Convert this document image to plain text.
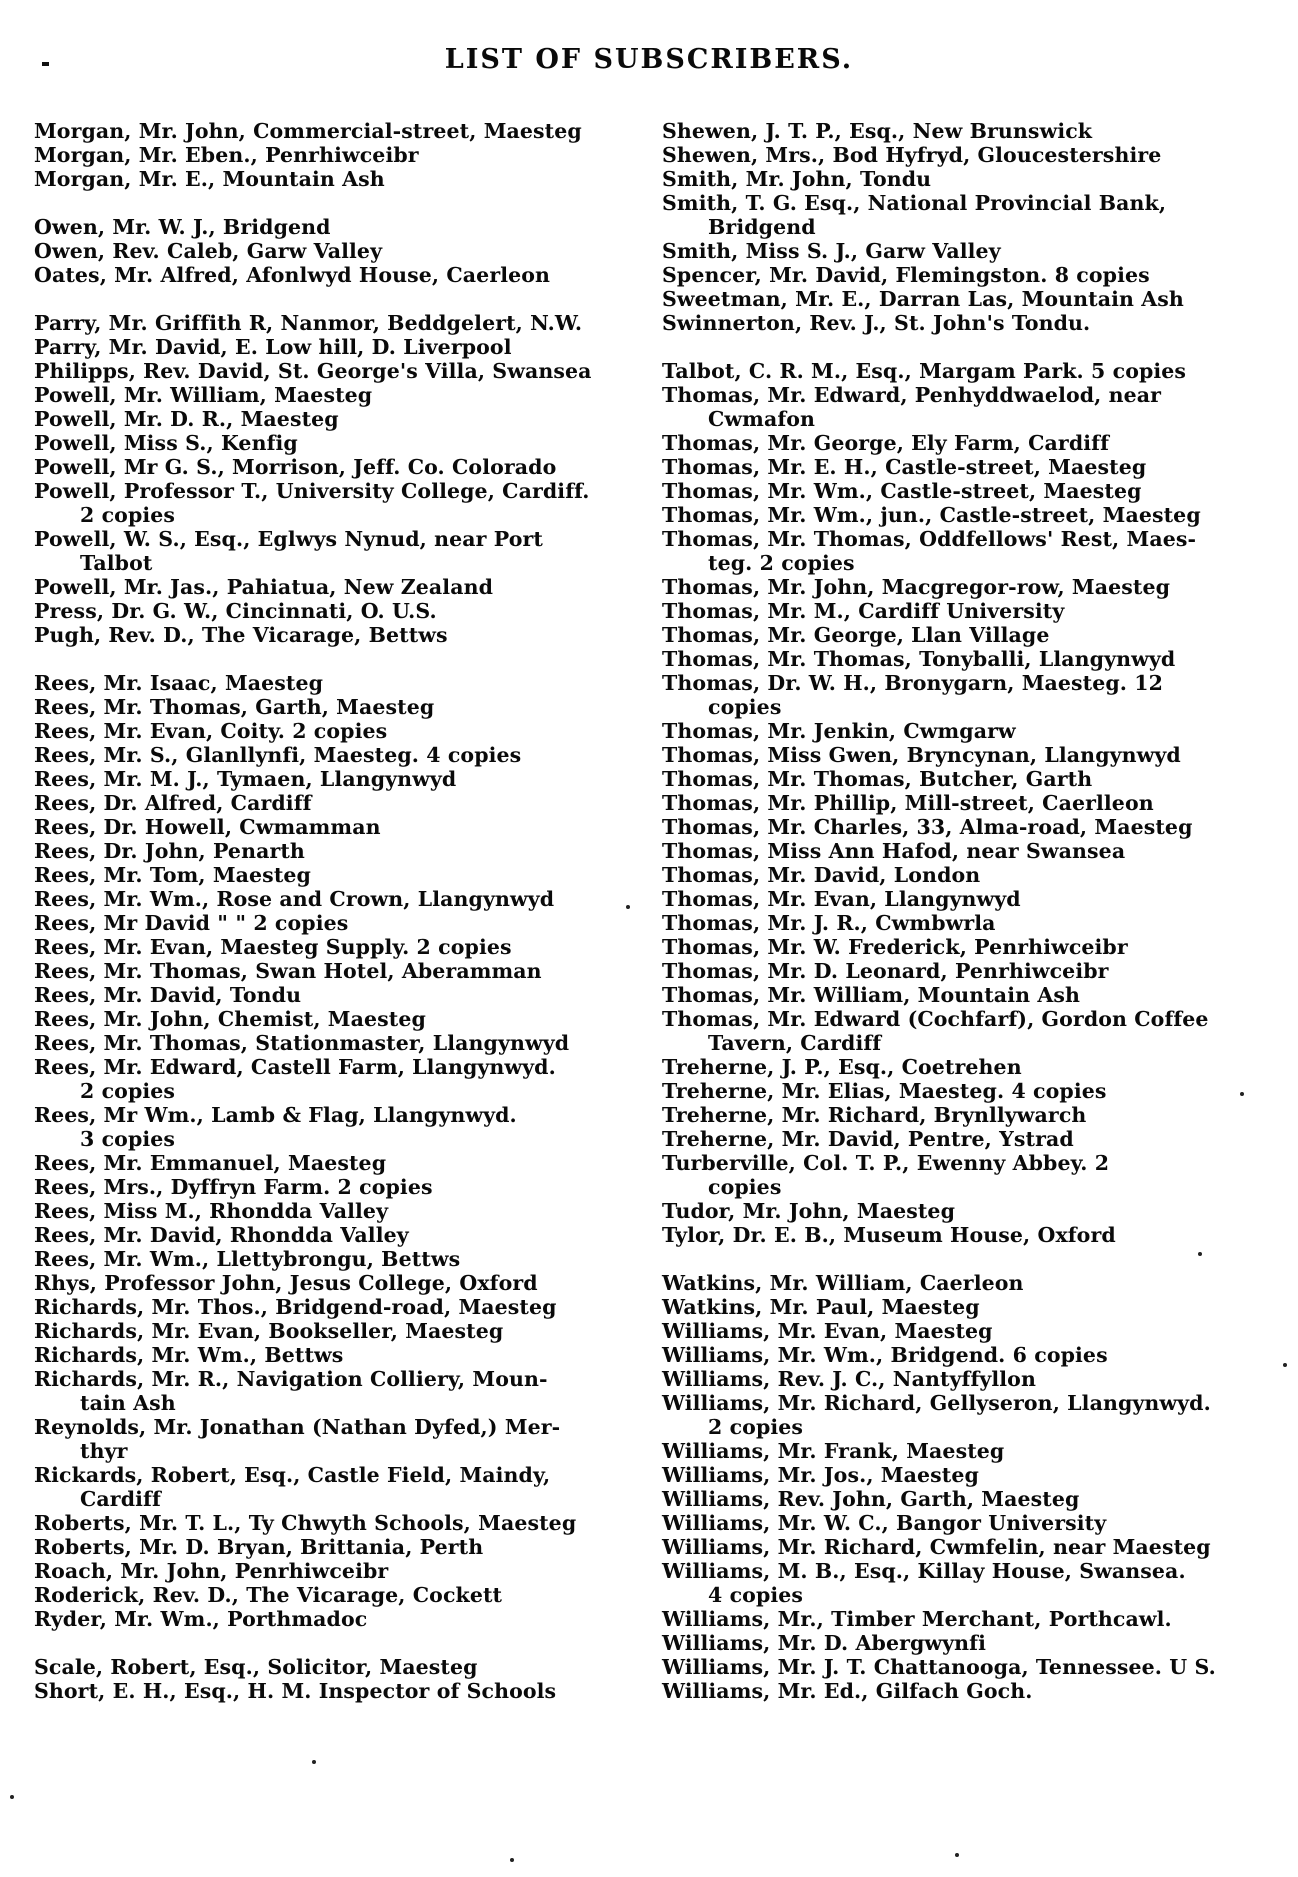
LIST OF SUBSCRIBERS.
Morgan, Mr. John, Commercial-street, Maesteg
Morgan, Mr. Eben., Penrhiwceibr
Morgan, Mr. E., Mountain Ash
Owen, Mr. W. J., Bridgend
Owen, Rev. Caleb, Garw Valley
Oates, Mr. Alfred, Afonlwyd House, Caerleon
Parry, Mr. Griffith R, Nanmor, Beddgelert, N.W.
Parry, Mr. David, E. Low hill, D. Liverpool
Philipps, Rev. David, St. George's Villa, Swansea
Powell, Mr. William, Maesteg
Powell, Mr. D. R., Maesteg
Powell, Miss S., Kenfig
Powell, Mr G. S., Morrison, Jeff. Co. Colorado
Powell, Professor T., University College, Cardiff.
2 copies
Powell, W. S., Esq., Eglwys Nynud, near Port
Talbot
Powell, Mr. Jas., Pahiatua, New Zealand
Press, Dr. G. W., Cincinnati, O. U.S.
Pugh, Rev. D., The Vicarage, Bettws
Rees, Mr. Isaac, Maesteg
Rees, Mr. Thomas, Garth, Maesteg
Rees, Mr. Evan, Coity. 2 copies
Rees, Mr. S., Glanllynfi, Maesteg. 4 copies
Rees, Mr. M. J., Tymaen, Llangynwyd
Rees, Dr. Alfred, Cardiff
Rees, Dr. Howell, Cwmamman
Rees, Dr. John, Penarth
Rees, Mr. Tom, Maesteg
Rees, Mr. Wm., Rose and Crown, Llangynwyd
Rees, Mr David " " 2 copies
Rees, Mr. Evan, Maesteg Supply. 2 copies
Rees, Mr. Thomas, Swan Hotel, Aberamman
Rees, Mr. David, Tondu
Rees, Mr. John, Chemist, Maesteg
Rees, Mr. Thomas, Stationmaster, Llangynwyd
Rees, Mr. Edward, Castell Farm, Llangynwyd.
2 copies
Rees, Mr Wm., Lamb & Flag, Llangynwyd.
3 copies
Rees, Mr. Emmanuel, Maesteg
Rees, Mrs., Dyffryn Farm. 2 copies
Rees, Miss M., Rhondda Valley
Rees, Mr. David, Rhondda Valley
Rees, Mr. Wm., Llettybrongu, Bettws
Rhys, Professor John, Jesus College, Oxford
Richards, Mr. Thos., Bridgend-road, Maesteg
Richards, Mr. Evan, Bookseller, Maesteg
Richards, Mr. Wm., Bettws
Richards, Mr. R., Navigation Colliery, Moun-
tain Ash
Reynolds, Mr. Jonathan (Nathan Dyfed,) Mer-
thyr
Rickards, Robert, Esq., Castle Field, Maindy,
Cardiff
Roberts, Mr. T. L., Ty Chwyth Schools, Maesteg
Roberts, Mr. D. Bryan, Brittania, Perth
Roach, Mr. John, Penrhiwceibr
Roderick, Rev. D., The Vicarage, Cockett
Ryder, Mr. Wm., Porthmadoc
Scale, Robert, Esq., Solicitor, Maesteg
Short, E. H., Esq., H. M. Inspector of Schools
Shewen, J. T. P., Esq., New Brunswick
Shewen, Mrs., Bod Hyfryd, Gloucestershire
Smith, Mr. John, Tondu
Smith, T. G. Esq., National Provincial Bank,
Bridgend
Smith, Miss S. J., Garw Valley
Spencer, Mr. David, Flemingston. 8 copies
Sweetman, Mr. E., Darran Las, Mountain Ash
Swinnerton, Rev. J., St. John's Tondu.
Talbot, C. R. M., Esq., Margam Park. 5 copies
Thomas, Mr. Edward, Penhyddwaelod, near
Cwmafon
Thomas, Mr. George, Ely Farm, Cardiff
Thomas, Mr. E. H., Castle-street, Maesteg
Thomas, Mr. Wm., Castle-street, Maesteg
Thomas, Mr. Wm., jun., Castle-street, Maesteg
Thomas, Mr. Thomas, Oddfellows' Rest, Maes-
teg. 2 copies
Thomas, Mr. John, Macgregor-row, Maesteg
Thomas, Mr. M., Cardiff University
Thomas, Mr. George, Llan Village
Thomas, Mr. Thomas, Tonyballi, Llangynwyd
Thomas, Dr. W. H., Bronygarn, Maesteg. 12
copies
Thomas, Mr. Jenkin, Cwmgarw
Thomas, Miss Gwen, Bryncynan, Llangynwyd
Thomas, Mr. Thomas, Butcher, Garth
Thomas, Mr. Phillip, Mill-street, Caerlleon
Thomas, Mr. Charles, 33, Alma-road, Maesteg
Thomas, Miss Ann Hafod, near Swansea
Thomas, Mr. David, London
Thomas, Mr. Evan, Llangynwyd
Thomas, Mr. J. R., Cwmbwrla
Thomas, Mr. W. Frederick, Penrhiwceibr
Thomas, Mr. D. Leonard, Penrhiwceibr
Thomas, Mr. William, Mountain Ash
Thomas, Mr. Edward (Cochfarf), Gordon Coffee
Tavern, Cardiff
Treherne, J. P., Esq., Coetrehen
Treherne, Mr. Elias, Maesteg. 4 copies
Treherne, Mr. Richard, Brynllywarch
Treherne, Mr. David, Pentre, Ystrad
Turberville, Col. T. P., Ewenny Abbey. 2
copies
Tudor, Mr. John, Maesteg
Tylor, Dr. E. B., Museum House, Oxford
Watkins, Mr. William, Caerleon
Watkins, Mr. Paul, Maesteg
Williams, Mr. Evan, Maesteg
Williams, Mr. Wm., Bridgend. 6 copies
Williams, Rev. J. C., Nantyffyllon
Williams, Mr. Richard, Gellyseron, Llangynwyd.
2 copies
Williams, Mr. Frank, Maesteg
Williams, Mr. Jos., Maesteg
Williams, Rev. John, Garth, Maesteg
Williams, Mr. W. C., Bangor University
Williams, Mr. Richard, Cwmfelin, near Maesteg
Williams, M. B., Esq., Killay House, Swansea.
4 copies
Williams, Mr., Timber Merchant, Porthcawl.
Williams, Mr. D. Abergwynfi
Williams, Mr. J. T. Chattanooga, Tennessee. U S.
Williams, Mr. Ed., Gilfach Goch.
